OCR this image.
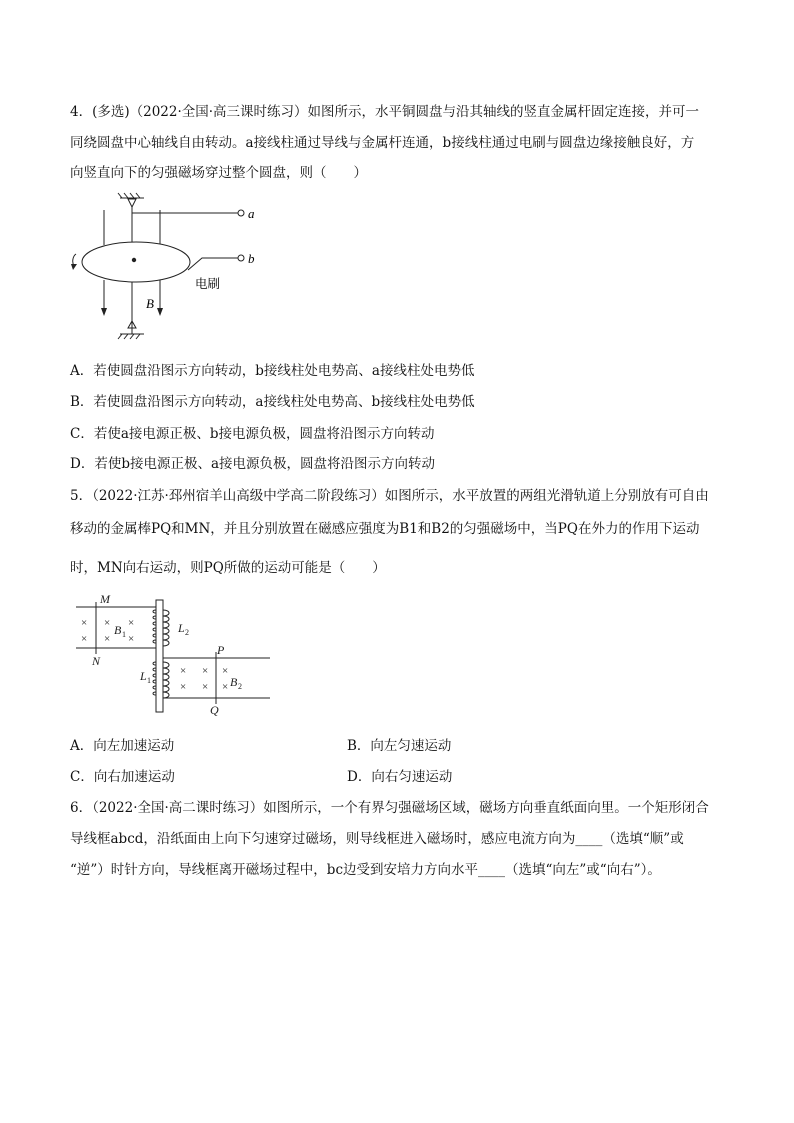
4．(多选)（2022·全国·高三课时练习）如图所示，水平铜圆盘与沿其轴线的竖直金属杆固定连接，并可一
同绕圆盘中心轴线自由转动。a接线柱通过导线与金属杆连通，b接线柱通过电刷与圆盘边缘接触良好，方
向竖直向下的匀强磁场穿过整个圆盘，则（　　）
a
b
B
电刷
A．若使圆盘沿图示方向转动，b接线柱处电势高、a接线柱处电势低
B．若使圆盘沿图示方向转动，a接线柱处电势高、b接线柱处电势低
C．若使a接电源正极、b接电源负极，圆盘将沿图示方向转动
D．若使b接电源正极、a接电源负极，圆盘将沿图示方向转动
5．（2022·江苏·邳州宿羊山高级中学高二阶段练习）如图所示，水平放置的两组光滑轨道上分别放有可自由
移动的金属棒PQ和MN，并且分别放置在磁感应强度为B1和B2的匀强磁场中，当PQ在外力的作用下运动
时，MN向右运动，则PQ所做的运动可能是（　　）
M
N
P
Q
B 1
B 2
L 2
L 1
×
×
×
×
×
×
×
×
×
×
×
×
A．向左加速运动	B．向左匀速运动
C．向右加速运动	D．向右匀速运动
6．（2022·全国·高二课时练习）如图所示，一个有界匀强磁场区域，磁场方向垂直纸面向里。一个矩形闭合
导线框abcd，沿纸面由上向下匀速穿过磁场，则导线框进入磁场时，感应电流方向为____（选填“顺”或
“逆”）时针方向，导线框离开磁场过程中，bc边受到安培力方向水平____（选填“向左”或“向右”）。
